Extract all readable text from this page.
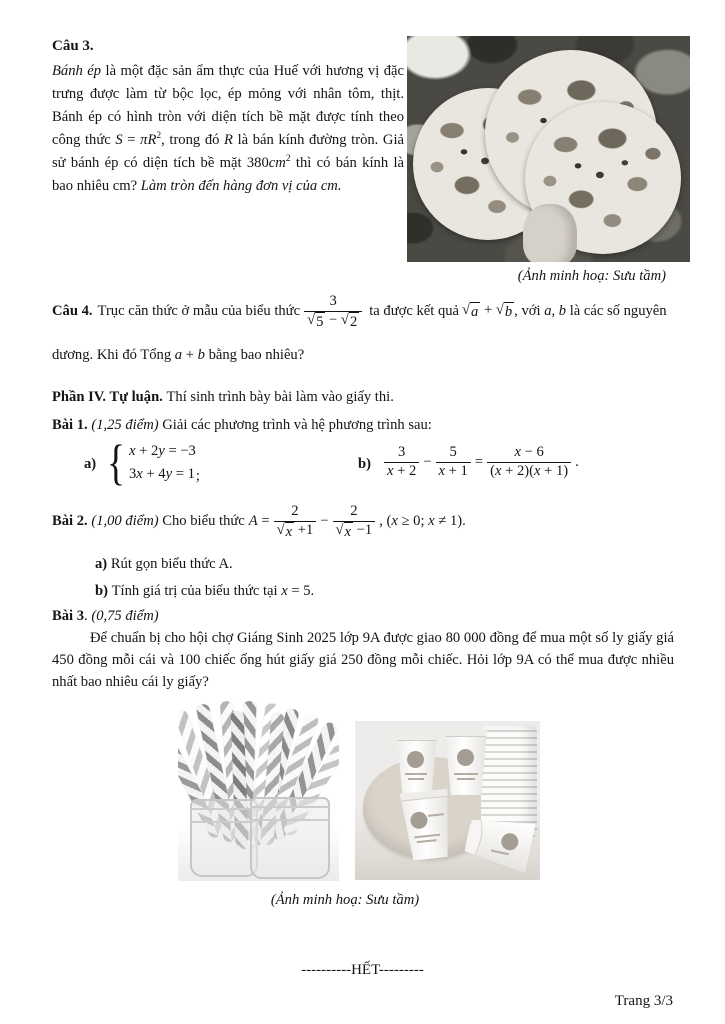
Câu 3.
Bánh ép là một đặc sản ẩm thực của Huế với hương vị đặc trưng được làm từ bộc lọc, ép mỏng với nhân tôm, thịt. Bánh ép có hình tròn với diện tích bề mặt được tính theo công thức $S = \pi R^2$, trong đó R là bán kính đường tròn. Giả sử bánh ép có diện tích bề mặt $380cm^2$ thì có bán kính là bao nhiêu cm? Làm tròn đến hàng đơn vị của cm.
(Ảnh minh hoạ: Sưu tầm)
Câu 4. Trục căn thức ở mẫu của biểu thức $\frac{3}{√ 5 - √ 2}$ ta được kết quả √ a + √ b , với a, b là các số nguyên
dương. Khi đó Tổng a + b bằng bao nhiêu?
Phần IV. Tự luận. Thí sinh trình bày bài làm vào giấy thi.
Bài 1. (1,25 điểm) Giải các phương trình và hệ phương trình sau:
a) { x + 2y = −3
3x + 4y = 1 ;
$b) \frac{3}{x + 2} - \frac{5}{x + 1} = \frac{x - 6}{(x + 2)(x + 1)}$ .
Bài 2. (1,00 điểm) Cho biểu thức $A = \frac{2}{√ x +1} - \frac{2}{√ x -1}$ , (x ≥ 0; x ≠ 1).
a) Rút gọn biểu thức A.
b) Tính giá trị của biểu thức tại x = 5.
Bài 3. (0,75 điểm)
Để chuẩn bị cho hội chợ Giáng Sinh 2025 lớp 9A được giao 80 000 đồng để mua một số ly giấy giá 450 đồng mỗi cái và 100 chiếc ống hút giấy giá 250 đồng mỗi chiếc. Hỏi lớp 9A có thể mua được nhiều nhất bao nhiêu cái ly giấy?
(Ảnh minh hoạ: Sưu tầm)
----------HẾT---------
Trang 3/3
